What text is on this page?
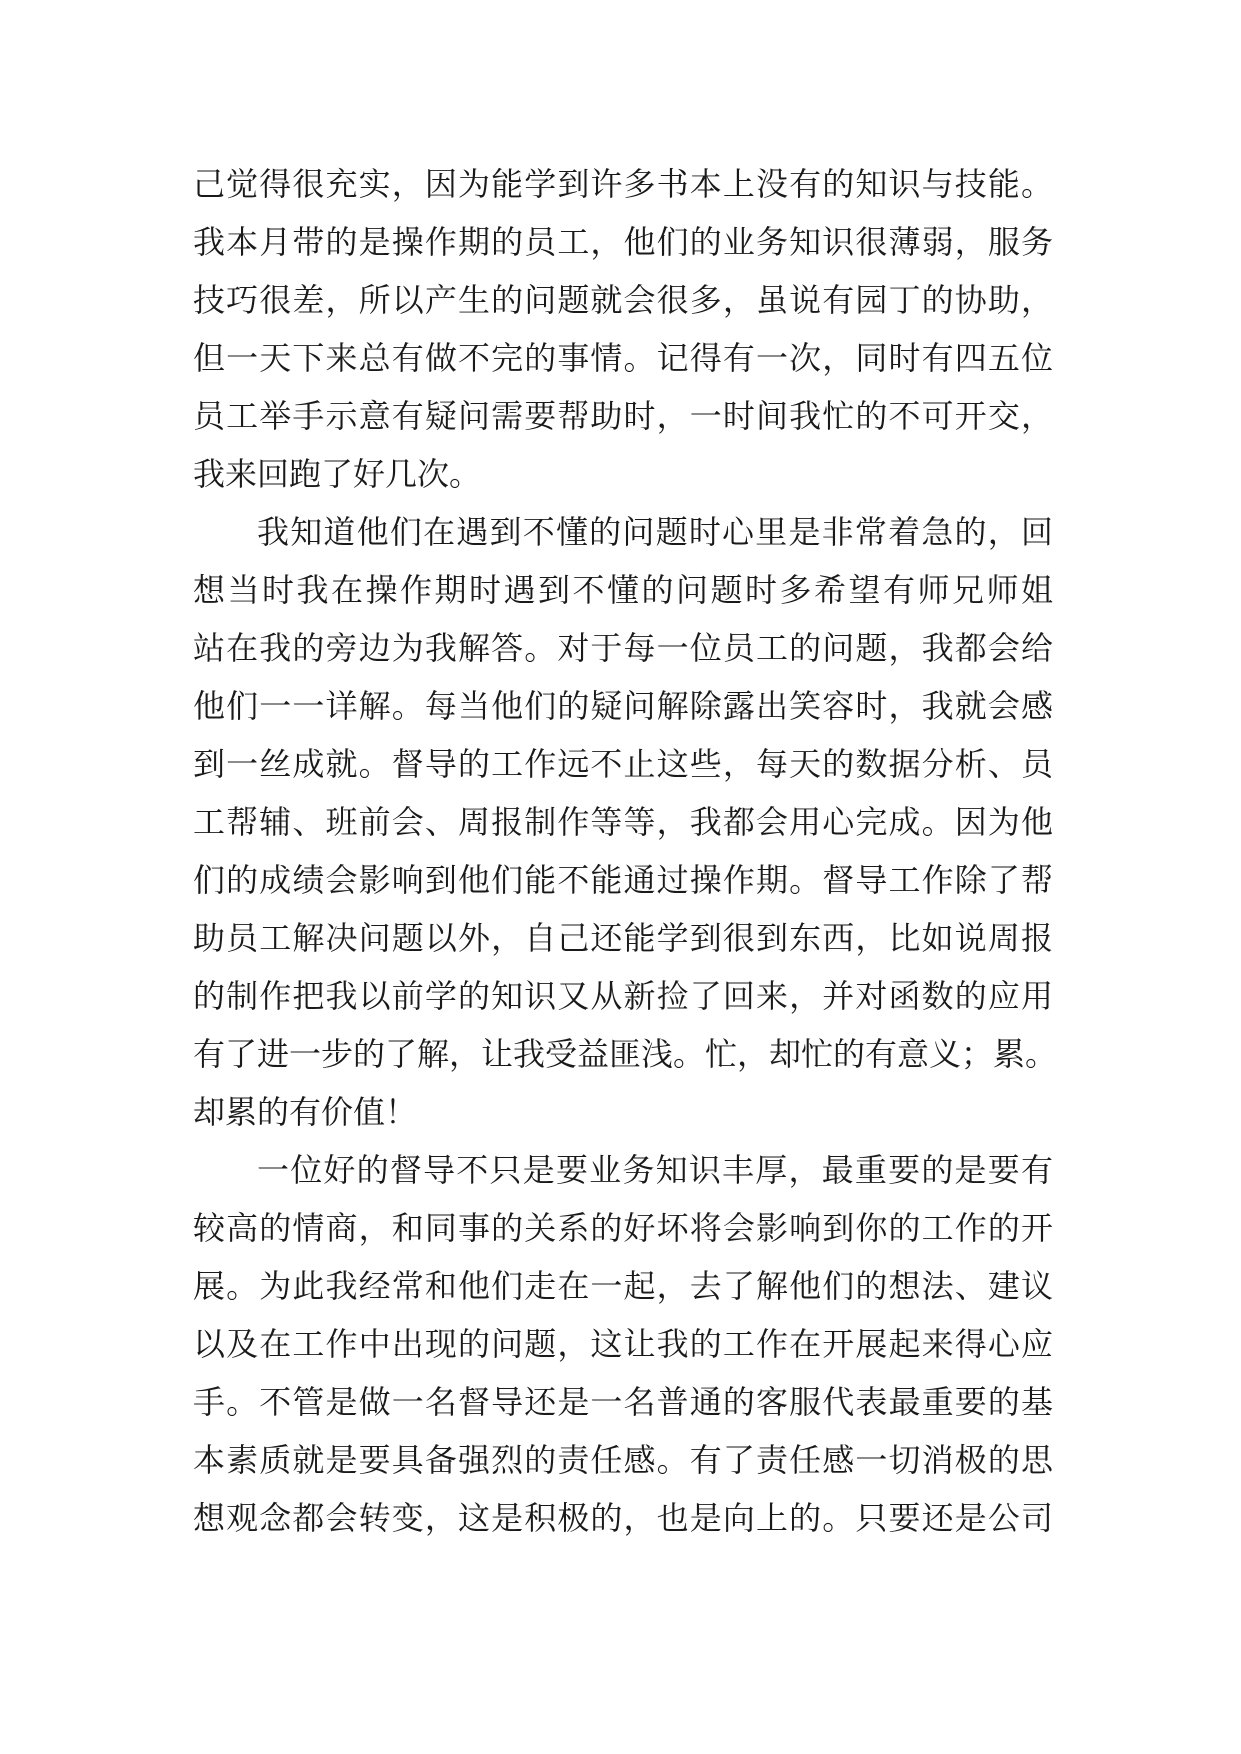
己觉得很充实，因为能学到许多书本上没有的知识与技能。
我本月带的是操作期的员工，他们的业务知识很薄弱，服务
技巧很差，所以产生的问题就会很多，虽说有园丁的协助，
但一天下来总有做不完的事情。记得有一次，同时有四五位
员工举手示意有疑问需要帮助时，一时间我忙的不可开交，
我来回跑了好几次。
我知道他们在遇到不懂的问题时心里是非常着急的，回
想当时我在操作期时遇到不懂的问题时多希望有师兄师姐
站在我的旁边为我解答。对于每一位员工的问题，我都会给
他们一一详解。每当他们的疑问解除露出笑容时，我就会感
到一丝成就。督导的工作远不止这些，每天的数据分析、员
工帮辅、班前会、周报制作等等，我都会用心完成。因为他
们的成绩会影响到他们能不能通过操作期。督导工作除了帮
助员工解决问题以外，自己还能学到很到东西，比如说周报
的制作把我以前学的知识又从新捡了回来，并对函数的应用
有了进一步的了解，让我受益匪浅。忙，却忙的有意义；累。
却累的有价值！
一位好的督导不只是要业务知识丰厚，最重要的是要有
较高的情商，和同事的关系的好坏将会影响到你的工作的开
展。为此我经常和他们走在一起，去了解他们的想法、建议
以及在工作中出现的问题，这让我的工作在开展起来得心应
手。不管是做一名督导还是一名普通的客服代表最重要的基
本素质就是要具备强烈的责任感。有了责任感一切消极的思
想观念都会转变，这是积极的，也是向上的。只要还是公司
